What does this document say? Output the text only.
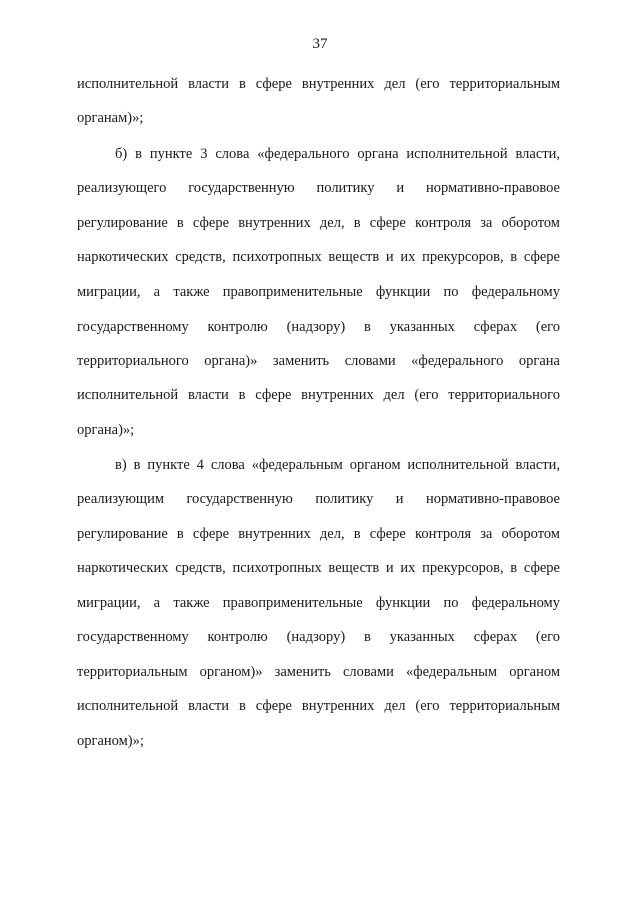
37
исполнительной власти в сфере внутренних дел (его территориальным
органам)»;
б) в пункте 3 слова «федерального органа исполнительной власти,
реализующего государственную политику и нормативно-правовое
регулирование в сфере внутренних дел, в сфере контроля за оборотом
наркотических средств, психотропных веществ и их прекурсоров, в сфере
миграции, а также правоприменительные функции по федеральному
государственному контролю (надзору) в указанных сферах (его
территориального органа)» заменить словами «федерального органа
исполнительной власти в сфере внутренних дел (его территориального
органа)»;
в) в пункте 4 слова «федеральным органом исполнительной власти,
реализующим государственную политику и нормативно-правовое
регулирование в сфере внутренних дел, в сфере контроля за оборотом
наркотических средств, психотропных веществ и их прекурсоров, в сфере
миграции, а также правоприменительные функции по федеральному
государственному контролю (надзору) в указанных сферах (его
территориальным органом)» заменить словами «федеральным органом
исполнительной власти в сфере внутренних дел (его территориальным
органом)»;
